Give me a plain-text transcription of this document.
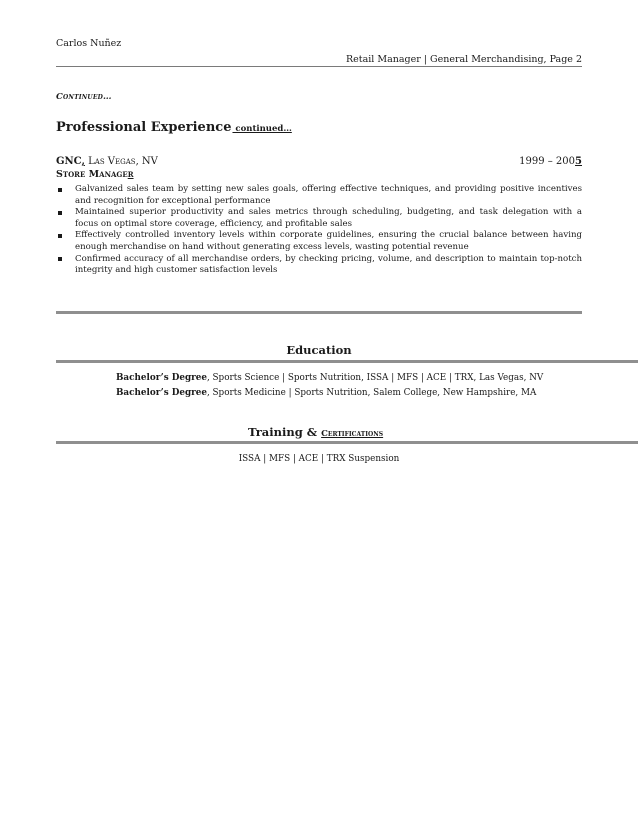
Carlos Nuñez
Retail Manager | General Merchandising, Page 2
Continued…
Professional Experience continued…
GNC, Las Vegas, NV	1999 – 2005
Store Manager
Galvanized sales team by setting new sales goals, offering effective techniques, and providing positive incentives and recognition for exceptional performance
Maintained superior productivity and sales metrics through scheduling, budgeting, and task delegation with a focus on optimal store coverage, efficiency, and profitable sales
Effectively controlled inventory levels within corporate guidelines, ensuring the crucial balance between having enough merchandise on hand without generating excess levels, wasting potential revenue
Confirmed accuracy of all merchandise orders, by checking pricing, volume, and description to maintain top-notch integrity and high customer satisfaction levels
Education
Bachelor’s Degree, Sports Science | Sports Nutrition, ISSA | MFS | ACE | TRX, Las Vegas, NV
Bachelor’s Degree, Sports Medicine | Sports Nutrition, Salem College, New Hampshire, MA
Training & Certifications
ISSA | MFS | ACE | TRX Suspension
